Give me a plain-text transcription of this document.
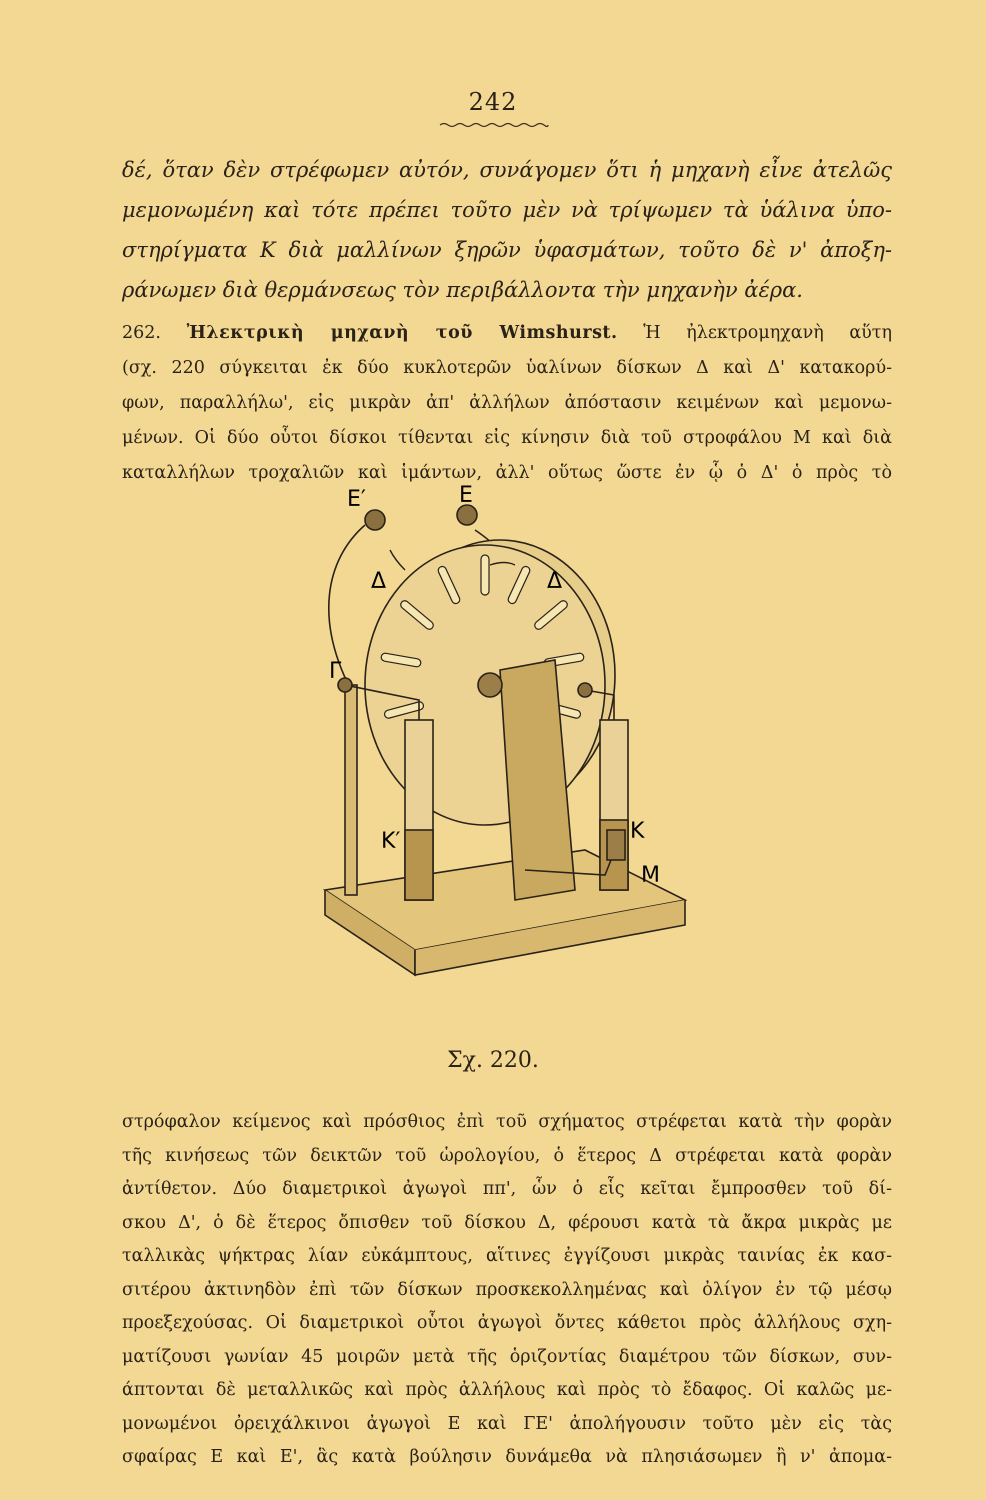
242
δέ, ὅταν δὲν στρέφωμεν αὐτόν, συνάγομεν ὅτι ἡ μηχανὴ εἶνε ἀτελῶς
μεμονωμένη καὶ τότε πρέπει τοῦτο μὲν νὰ τρίψωμεν τὰ ὑάλινα ὑπο-
στηρίγματα Κ διὰ μαλλίνων ξηρῶν ὑφασμάτων, τοῦτο δὲ ν' ἀποξη-
ράνωμεν διὰ θερμάνσεως τὸν περιβάλλοντα τὴν μηχανὴν ἀέρα.
262. Ἠλεκτρικὴ μηχανὴ τοῦ Wimshurst. Ἡ ἠλεκτρομηχανὴ αὕτη
(σχ. 220 σύγκειται ἐκ δύο κυκλοτερῶν ὑαλίνων δίσκων Δ καὶ Δ' κατακορύ-
φων, παραλλήλω', εἰς μικρὰν ἀπ' ἀλλήλων ἀπόστασιν κειμένων καὶ μεμονω-
μένων. Οἱ δύο οὗτοι δίσκοι τίθενται εἰς κίνησιν διὰ τοῦ στροφάλου Μ καὶ διὰ
καταλλήλων τροχαλιῶν καὶ ἱμάντων, ἀλλ' οὕτως ὥστε ἐν ᾧ ὁ Δ' ὁ πρὸς τὸ
Ε′	Ε
Δ	Δ
Γ
Κ
Κ′
Μ
Σχ. 220.
στρόφαλον κείμενος καὶ πρόσθιος ἐπὶ τοῦ σχήματος στρέφεται κατὰ τὴν φορὰν
τῆς κινήσεως τῶν δεικτῶν τοῦ ὡρολογίου, ὁ ἕτερος Δ στρέφεται κατὰ φορὰν
ἀντίθετον. Δύο διαμετρικοὶ ἀγωγοὶ ππ', ὧν ὁ εἷς κεῖται ἔμπροσθεν τοῦ δί-
σκου Δ', ὁ δὲ ἕτερος ὄπισθεν τοῦ δίσκου Δ, φέρουσι κατὰ τὰ ἄκρα μικρὰς με
ταλλικὰς ψήκτρας λίαν εὐκάμπτους, αἵτινες ἐγγίζουσι μικρὰς ταινίας ἐκ κασ-
σιτέρου ἀκτινηδὸν ἐπὶ τῶν δίσκων προσκεκολλημένας καὶ ὀλίγον ἐν τῷ μέσῳ
προεξεχούσας. Οἱ διαμετρικοὶ οὗτοι ἀγωγοὶ ὄντες κάθετοι πρὸς ἀλλήλους σχη-
ματίζουσι γωνίαν 45 μοιρῶν μετὰ τῆς ὁριζοντίας διαμέτρου τῶν δίσκων, συν-
άπτονται δὲ μεταλλικῶς καὶ πρὸς ἀλλήλους καὶ πρὸς τὸ ἔδαφος. Οἱ καλῶς με-
μονωμένοι ὀρειχάλκινοι ἀγωγοὶ Ε καὶ ΓΕ' ἀπολήγουσιν τοῦτο μὲν εἰς τὰς
σφαίρας Ε καὶ Ε', ἃς κατὰ βούλησιν δυνάμεθα νὰ πλησιάσωμεν ἢ ν' ἀπομα-
